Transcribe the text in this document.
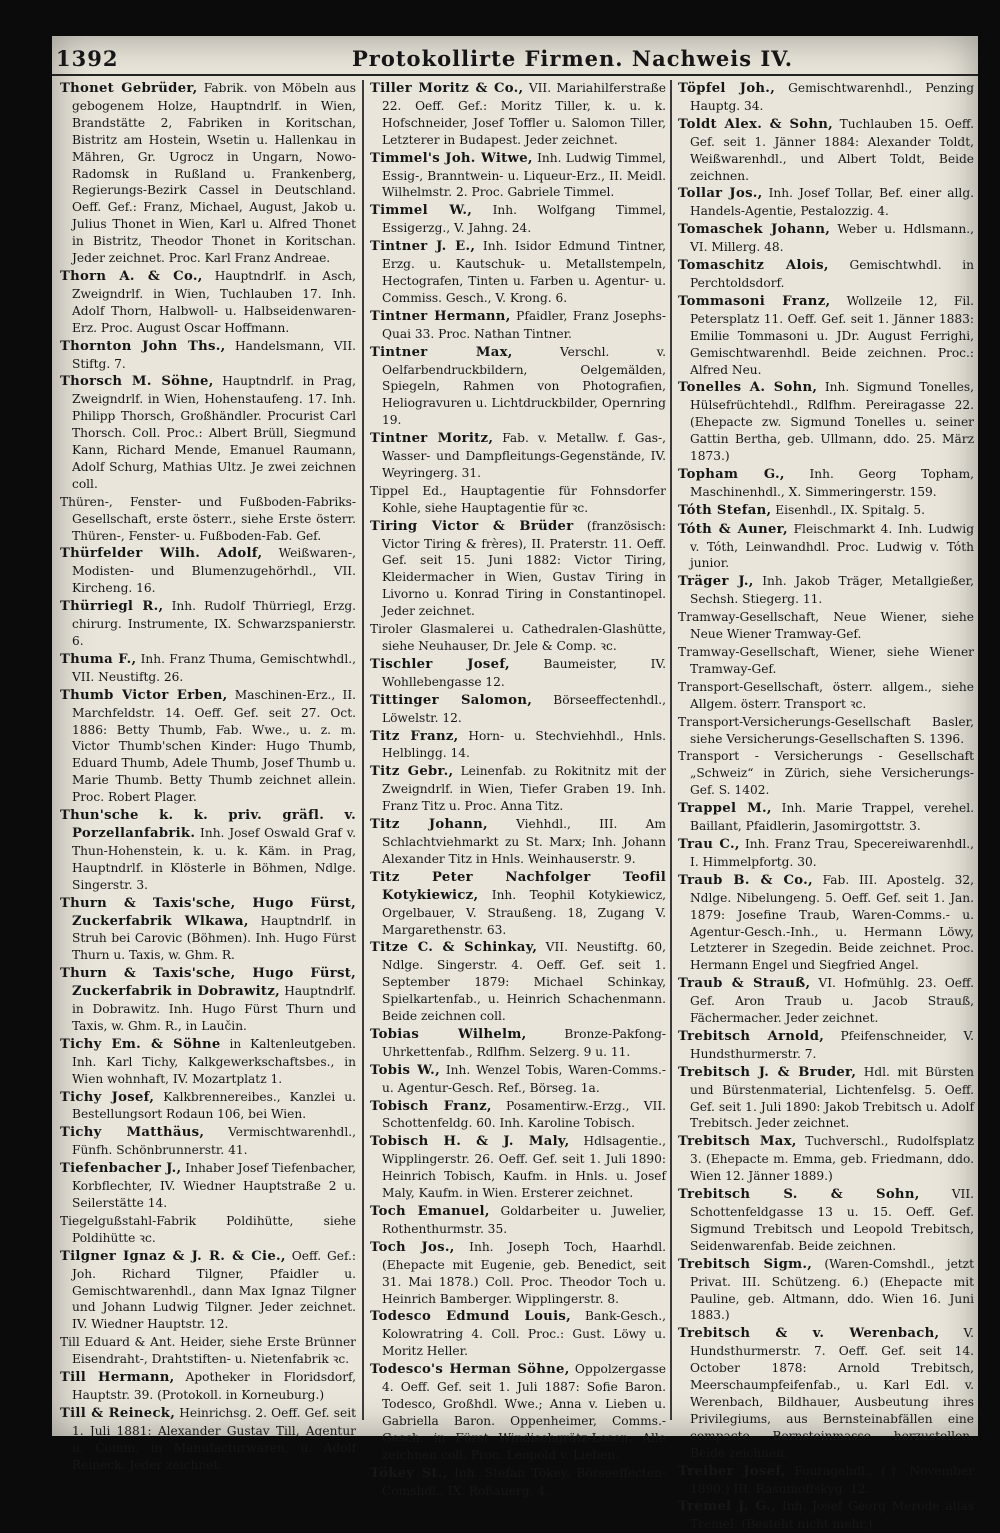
1392	Protokollirte Firmen. Nachweis IV.
Thonet Gebrüder, Fabrik. von Möbeln aus gebogenem Holze, Hauptndrlf. in Wien, Brandstätte 2, Fabriken in Koritschan, Bistritz am Hostein, Wsetin u. Hallenkau in Mähren, Gr. Ugrocz in Ungarn, Nowo-Radomsk in Rußland u. Frankenberg, Regierungs-Bezirk Cassel in Deutschland. Oeff. Gef.: Franz, Michael, August, Jakob u. Julius Thonet in Wien, Karl u. Alfred Thonet in Bistritz, Theodor Thonet in Koritschan. Jeder zeichnet. Proc. Karl Franz Andreae.
Thorn A. & Co., Hauptndrlf. in Asch, Zweigndrlf. in Wien, Tuchlauben 17. Inh. Adolf Thorn, Halbwoll- u. Halbseidenwaren-Erz. Proc. August Oscar Hoffmann.
Thornton John Ths., Handelsmann, VII. Stiftg. 7.
Thorsch M. Söhne, Hauptndrlf. in Prag, Zweigndrlf. in Wien, Hohenstaufeng. 17. Inh. Philipp Thorsch, Großhändler. Procurist Carl Thorsch. Coll. Proc.: Albert Brüll, Siegmund Kann, Richard Mende, Emanuel Raumann, Adolf Schurg, Mathias Ultz. Je zwei zeichnen coll.
Thüren-, Fenster- und Fußboden-Fabriks-Gesellschaft, erste österr., siehe Erste österr. Thüren-, Fenster- u. Fußboden-Fab. Gef.
Thürfelder Wilh. Adolf, Weißwaren-, Modisten- und Blumenzugehörhdl., VII. Kircheng. 16.
Thürriegl R., Inh. Rudolf Thürriegl, Erzg. chirurg. Instrumente, IX. Schwarzspanierstr. 6.
Thuma F., Inh. Franz Thuma, Gemischtwhdl., VII. Neustiftg. 26.
Thumb Victor Erben, Maschinen-Erz., II. Marchfeldstr. 14. Oeff. Gef. seit 27. Oct. 1886: Betty Thumb, Fab. Wwe., u. z. m. Victor Thumb'schen Kinder: Hugo Thumb, Eduard Thumb, Adele Thumb, Josef Thumb u. Marie Thumb. Betty Thumb zeichnet allein. Proc. Robert Plager.
Thun'sche k. k. priv. gräfl. v. Porzellanfabrik. Inh. Josef Oswald Graf v. Thun-Hohenstein, k. u. k. Käm. in Prag, Hauptndrlf. in Klösterle in Böhmen, Ndlge. Singerstr. 3.
Thurn & Taxis'sche, Hugo Fürst, Zuckerfabrik Wlkawa, Hauptndrlf. in Struh bei Carovic (Böhmen). Inh. Hugo Fürst Thurn u. Taxis, w. Ghm. R.
Thurn & Taxis'sche, Hugo Fürst, Zuckerfabrik in Dobrawitz, Hauptndrlf. in Dobrawitz. Inh. Hugo Fürst Thurn und Taxis, w. Ghm. R., in Laučin.
Tichy Em. & Söhne in Kaltenleutgeben. Inh. Karl Tichy, Kalkgewerkschaftsbes., in Wien wohnhaft, IV. Mozartplatz 1.
Tichy Josef, Kalkbrennereibes., Kanzlei u. Bestellungsort Rodaun 106, bei Wien.
Tichy Matthäus, Vermischtwarenhdl., Fünfh. Schönbrunnerstr. 41.
Tiefenbacher J., Inhaber Josef Tiefenbacher, Korbflechter, IV. Wiedner Hauptstraße 2 u. Seilerstätte 14.
Tiegelgußstahl-Fabrik Poldihütte, siehe Poldihütte ꝛc.
Tilgner Ignaz & J. R. & Cie., Oeff. Gef.: Joh. Richard Tilgner, Pfaidler u. Gemischtwarenhdl., dann Max Ignaz Tilgner und Johann Ludwig Tilgner. Jeder zeichnet. IV. Wiedner Hauptstr. 12.
Till Eduard & Ant. Heider, siehe Erste Brünner Eisendraht-, Drahtstiften- u. Nietenfabrik ꝛc.
Till Hermann, Apotheker in Floridsdorf, Hauptstr. 39. (Protokoll. in Korneuburg.)
Till & Reineck, Heinrichsg. 2. Oeff. Gef. seit 1. Juli 1881: Alexander Gustav Till, Agentur u. Comm. in Manufacturwaren, u. Adolf Reineck. Jeder zeichnet.
Tiller Moritz & Co., VII. Mariahilferstraße 22. Oeff. Gef.: Moritz Tiller, k. u. k. Hofschneider, Josef Toffler u. Salomon Tiller, Letzterer in Budapest. Jeder zeichnet.
Timmel's Joh. Witwe, Inh. Ludwig Timmel, Essig-, Branntwein- u. Liqueur-Erz., II. Meidl. Wilhelmstr. 2. Proc. Gabriele Timmel.
Timmel W., Inh. Wolfgang Timmel, Essigerzg., V. Jahng. 24.
Tintner J. E., Inh. Isidor Edmund Tintner, Erzg. u. Kautschuk- u. Metallstempeln, Hectografen, Tinten u. Farben u. Agentur- u. Commiss. Gesch., V. Krong. 6.
Tintner Hermann, Pfaidler, Franz Josephs-Quai 33. Proc. Nathan Tintner.
Tintner Max,	Verschl. v. Oelfarbendruckbildern, Oelgemälden, Spiegeln, Rahmen von Photografien, Heliogravuren u. Lichtdruckbilder, Opernring 19.
Tintner Moritz, Fab. v. Metallw. f. Gas-, Wasser- und Dampfleitungs-Gegenstände, IV. Weyringerg. 31.
Tippel Ed., Hauptagentie für Fohnsdorfer Kohle, siehe Hauptagentie für ꝛc.
Tiring Victor & Brüder (französisch: Victor Tiring & frères), II. Praterstr. 11. Oeff. Gef. seit 15. Juni 1882: Victor Tiring, Kleidermacher in Wien, Gustav Tiring in Livorno u. Konrad Tiring in Constantinopel. Jeder zeichnet.
Tiroler Glasmalerei u. Cathedralen-Glashütte, siehe Neuhauser, Dr. Jele & Comp. ꝛc.
Tischler Josef,	Baumeister, IV. Wohllebengasse 12.
Tittinger Salomon, Börseeffectenhdl., Löwelstr. 12.
Titz Franz, Horn- u. Stechviehhdl., Hnls. Helblingg. 14.
Titz Gebr., Leinenfab. zu Rokitnitz mit der Zweigndrlf. in Wien, Tiefer Graben 19. Inh. Franz Titz u. Proc. Anna Titz.
Titz Johann, Viehhdl., III. Am Schlachtviehmarkt zu St. Marx; Inh. Johann Alexander Titz in Hnls. Weinhauserstr. 9.
Titz Peter Nachfolger Teofil Kotykiewicz, Inh. Teophil Kotykiewicz, Orgelbauer, V. Straußeng. 18, Zugang V. Margarethenstr. 63.
Titze C. & Schinkay, VII. Neustiftg. 60, Ndlge. Singerstr. 4. Oeff. Gef. seit 1. September 1879: Michael Schinkay, Spielkartenfab., u. Heinrich Schachenmann. Beide zeichnen coll.
Tobias Wilhelm,	Bronze-Pakfong-Uhrkettenfab., Rdlfhm. Selzerg. 9 u. 11.
Tobis W., Inh. Wenzel Tobis, Waren-Comms.- u. Agentur-Gesch. Ref., Börseg. 1a.
Tobisch Franz, Posamentirw.-Erzg., VII. Schottenfeldg. 60. Inh. Karoline Tobisch.
Tobisch H. & J. Maly, Hdlsagentie., Wipplingerstr. 26. Oeff. Gef. seit 1. Juli 1890: Heinrich Tobisch, Kaufm. in Hnls. u. Josef Maly, Kaufm. in Wien. Ersterer zeichnet.
Toch Emanuel, Goldarbeiter u. Juwelier, Rothenthurmstr. 35.
Toch Jos., Inh. Joseph Toch, Haarhdl. (Ehepacte mit Eugenie, geb. Benedict, seit 31. Mai 1878.) Coll. Proc. Theodor Toch u. Heinrich Bamberger. Wipplingerstr. 8.
Todesco Edmund Louis, Bank-Gesch., Kolowratring 4. Coll. Proc.: Gust. Löwy u. Moritz Heller.
Todesco's Herman Söhne, Oppolzergasse 4. Oeff. Gef. seit 1. Juli 1887: Sofie Baron. Todesco, Großhdl. Wwe.; Anna v. Lieben u. Gabriella Baron. Oppenheimer, Comms.-Gesch. in Fürst Windischgrätz-Losen. Alle zeichnen coll. Proc. Leopold v. Lieben.
Tökey St., Inh. Stefan Tökey, Börseeffecten-Comshdl., IX. Roßauerg. 4.
Töpfel Joh., Gemischtwarenhdl., Penzing Hauptg. 34.
Toldt Alex. & Sohn, Tuchlauben 15. Oeff. Gef. seit 1. Jänner 1884: Alexander Toldt, Weißwarenhdl., und Albert Toldt, Beide zeichnen.
Tollar Jos., Inh. Josef Tollar, Bef. einer allg. Handels-Agentie, Pestalozzig. 4.
Tomaschek Johann, Weber u. Hdlsmann., VI. Millerg. 48.
Tomaschitz Alois, Gemischtwhdl. in Perchtoldsdorf.
Tommasoni Franz, Wollzeile 12, Fil. Petersplatz 11. Oeff. Gef. seit 1. Jänner 1883: Emilie Tommasoni u. JDr. August Ferrighi, Gemischtwarenhdl. Beide zeichnen. Proc.: Alfred Neu.
Tonelles A. Sohn, Inh. Sigmund Tonelles, Hülsefrüchtehdl., Rdlfhm. Pereiragasse 22. (Ehepacte zw. Sigmund Tonelles u. seiner Gattin Bertha, geb. Ullmann, ddo. 25. März 1873.)
Topham G., Inh. Georg Topham, Maschinenhdl., X. Simmeringerstr. 159.
Tóth Stefan, Eisenhdl., IX. Spitalg. 5.
Tóth & Auner, Fleischmarkt 4. Inh. Ludwig v. Tóth, Leinwandhdl. Proc. Ludwig v. Tóth junior.
Träger J., Inh. Jakob Träger, Metallgießer, Sechsh. Stiegerg. 11.
Tramway-Gesellschaft, Neue Wiener, siehe Neue Wiener Tramway-Gef.
Tramway-Gesellschaft, Wiener, siehe Wiener Tramway-Gef.
Transport-Gesellschaft, österr. allgem., siehe Allgem. österr. Transport ꝛc.
Transport-Versicherungs-Gesellschaft Basler, siehe Versicherungs-Gesellschaften S. 1396.
Transport - Versicherungs - Gesellschaft „Schweiz“ in Zürich, siehe Versicherungs-Gef. S. 1402.
Trappel M., Inh. Marie Trappel, verehel. Baillant, Pfaidlerin, Jasomirgottstr. 3.
Trau C., Inh. Franz Trau, Specereiwarenhdl., I. Himmelpfortg. 30.
Traub B. & Co., Fab. III. Apostelg. 32, Ndlge. Nibelungeng. 5. Oeff. Gef. seit 1. Jan. 1879: Josefine Traub, Waren-Comms.- u. Agentur-Gesch.-Inh., u. Hermann Löwy, Letzterer in Szegedin. Beide zeichnet. Proc. Hermann Engel und Siegfried Angel.
Traub & Strauß, VI. Hofmühlg. 23. Oeff. Gef. Aron Traub u. Jacob Strauß, Fächermacher. Jeder zeichnet.
Trebitsch Arnold, Pfeifenschneider, V. Hundsthurmerstr. 7.
Trebitsch J. & Bruder, Hdl. mit Bürsten und Bürstenmaterial, Lichtenfelsg. 5. Oeff. Gef. seit 1. Juli 1890: Jakob Trebitsch u. Adolf Trebitsch. Jeder zeichnet.
Trebitsch Max, Tuchverschl., Rudolfsplatz 3. (Ehepacte m. Emma, geb. Friedmann, ddo. Wien 12. Jänner 1889.)
Trebitsch S. & Sohn,	VII. Schottenfeldgasse 13 u. 15. Oeff. Gef. Sigmund Trebitsch und Leopold Trebitsch, Seidenwarenfab. Beide zeichnen.
Trebitsch Sigm., (Waren-Comshdl., jetzt Privat. III. Schützeng. 6.) (Ehepacte mit Pauline, geb. Altmann, ddo. Wien 16. Juni 1883.)
Trebitsch & v. Werenbach, V. Hundsthurmerstr. 7. Oeff. Gef. seit 14. October 1878: Arnold Trebitsch, Meerschaumpfeifenfab., u. Karl Edl. v. Werenbach, Bildhauer, Ausbeutung ihres Privilegiums, aus Bernsteinabfällen eine compacte Bernsteinmasse herzustellen. Beide zeichnen.
Treiber Josef, Fouragehdl., († November 1890.) III. Rasumoffskyg. 12.
Tremel J. G., Inh. Josef Georg Merode alias Tremel. (Besteht nicht mehr.)
